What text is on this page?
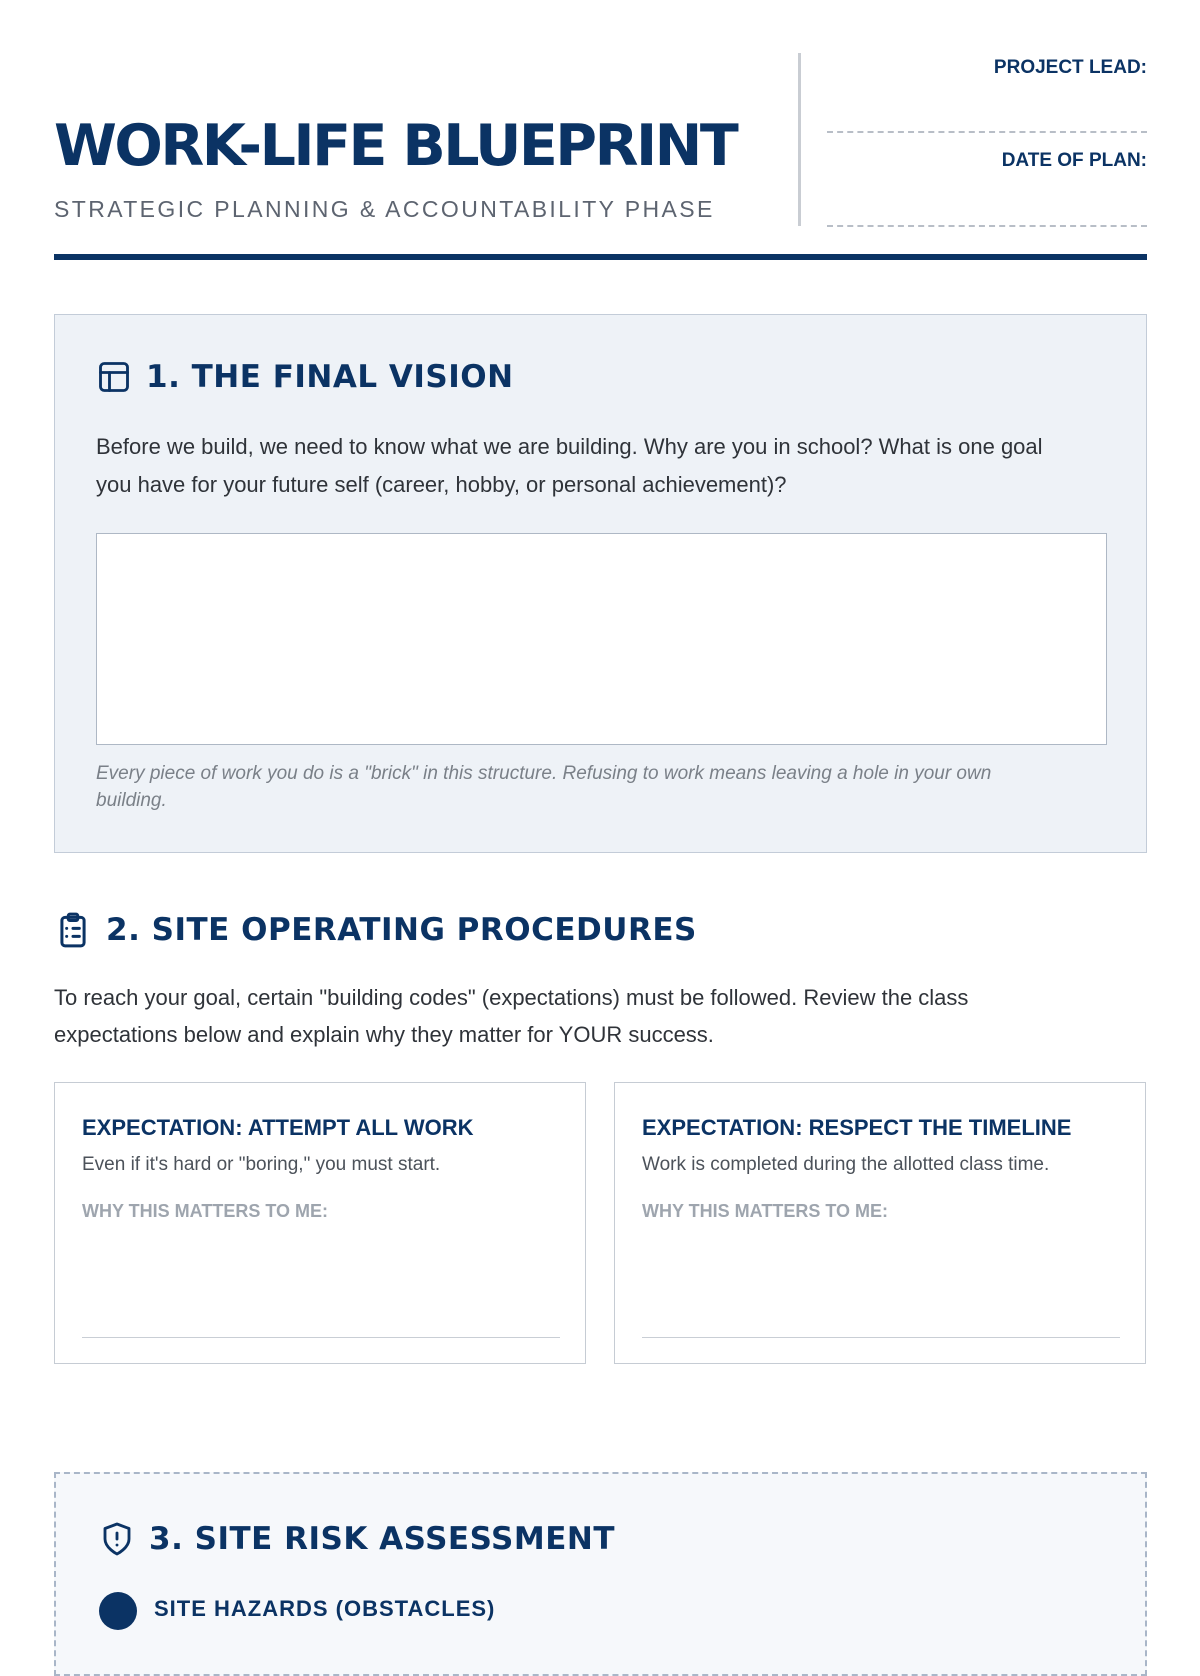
WORK-LIFE BLUEPRINT
STRATEGIC PLANNING & ACCOUNTABILITY PHASE
PROJECT LEAD:
DATE OF PLAN:
1. THE FINAL VISION
Before we build, we need to know what we are building. Why are you in school? What is one goal
you have for your future self (career, hobby, or personal achievement)?
Every piece of work you do is a "brick" in this structure. Refusing to work means leaving a hole in your own
building.
2. SITE OPERATING PROCEDURES
To reach your goal, certain "building codes" (expectations) must be followed. Review the class
expectations below and explain why they matter for YOUR success.
EXPECTATION: ATTEMPT ALL WORK
Even if it's hard or "boring," you must start.
WHY THIS MATTERS TO ME:
EXPECTATION: RESPECT THE TIMELINE
Work is completed during the allotted class time.
WHY THIS MATTERS TO ME:
3. SITE RISK ASSESSMENT
SITE HAZARDS (OBSTACLES)
